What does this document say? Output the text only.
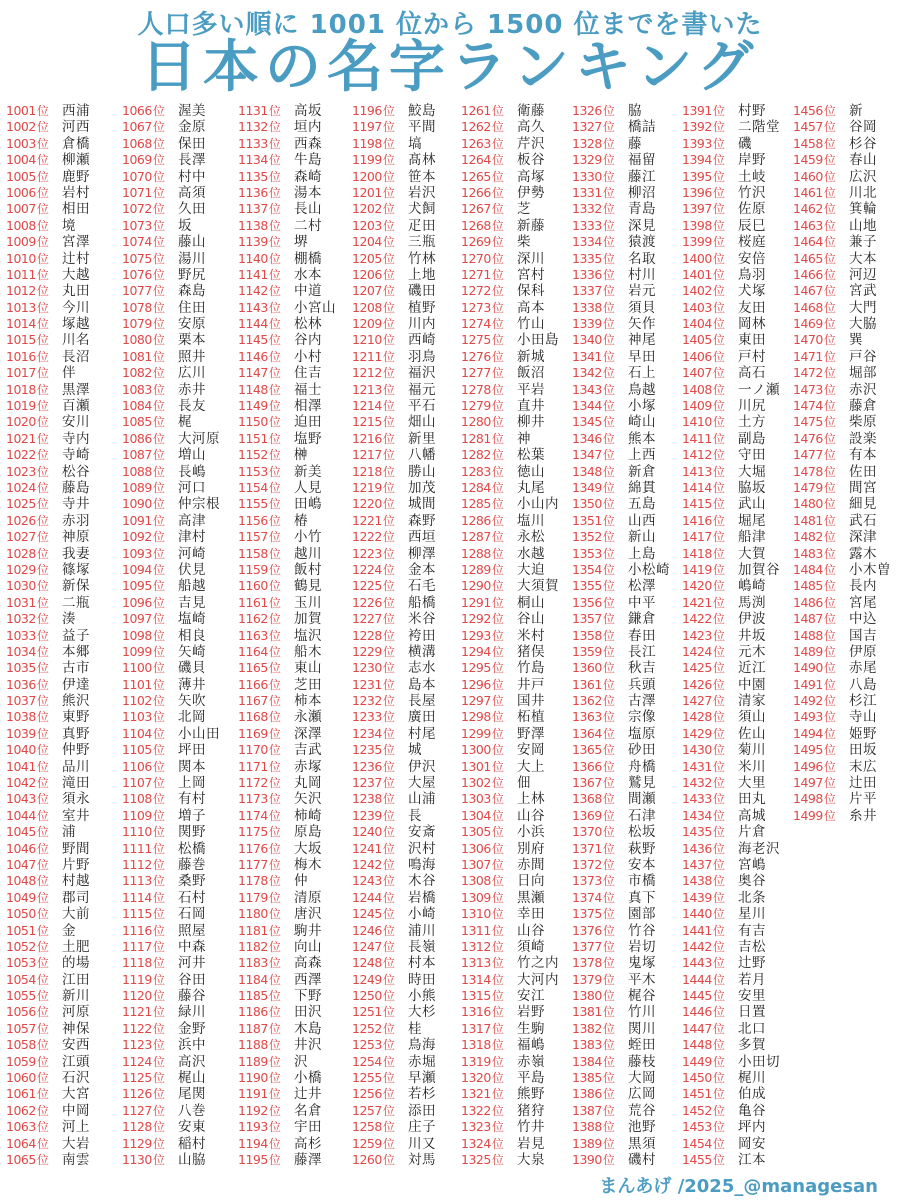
人口多い順に 1001 位から 1500 位までを書いた
日本の名字ランキング
1001位 西浦
1002位 河西
1003位 倉橋
1004位 柳瀬
1005位 鹿野
1006位 岩村
1007位 相田
1008位 境
1009位 宮澤
1010位 辻村
1011位 大越
1012位 丸田
1013位 今川
1014位 塚越
1015位 川名
1016位 長沼
1017位 伴
1018位 黒澤
1019位 百瀬
1020位 安川
1021位 寺内
1022位 寺崎
1023位 松谷
1024位 藤島
1025位 寺井
1026位 赤羽
1027位 神原
1028位 我妻
1029位 篠塚
1030位 新保
1031位 二瓶
1032位 湊
1033位 益子
1034位 本郷
1035位 古市
1036位 伊達
1037位 熊沢
1038位 東野
1039位 真野
1040位 仲野
1041位 品川
1042位 滝田
1043位 須永
1044位 室井
1045位 浦
1046位 野間
1047位 片野
1048位 村越
1049位 郡司
1050位 大前
1051位 金
1052位 土肥
1053位 的場
1054位 江田
1055位 新川
1056位 河原
1057位 神保
1058位 安西
1059位 江頭
1060位 石沢
1061位 大宮
1062位 中岡
1063位 河上
1064位 大岩
1065位 南雲
1066位 渥美
1067位 金原
1068位 保田
1069位 長澤
1070位 村中
1071位 高須
1072位 久田
1073位 坂
1074位 藤山
1075位 湯川
1076位 野尻
1077位 森島
1078位 住田
1079位 安原
1080位 栗本
1081位 照井
1082位 広川
1083位 赤井
1084位 長友
1085位 梶
1086位 大河原
1087位 増山
1088位 長嶋
1089位 河口
1090位 仲宗根
1091位 高津
1092位 津村
1093位 河崎
1094位 伏見
1095位 船越
1096位 吉見
1097位 塩崎
1098位 相良
1099位 矢崎
1100位 磯貝
1101位 薄井
1102位 矢吹
1103位 北岡
1104位 小山田
1105位 坪田
1106位 関本
1107位 上岡
1108位 有村
1109位 増子
1110位 関野
1111位 松橋
1112位 藤巻
1113位 桑野
1114位 石村
1115位 石岡
1116位 照屋
1117位 中森
1118位 河井
1119位 谷田
1120位 藤谷
1121位 緑川
1122位 金野
1123位 浜中
1124位 高沢
1125位 梶山
1126位 尾関
1127位 八巻
1128位 安東
1129位 稲村
1130位 山脇
1131位 高坂
1132位 垣内
1133位 西森
1134位 牛島
1135位 森崎
1136位 湯本
1137位 長山
1138位 二村
1139位 堺
1140位 棚橋
1141位 水本
1142位 中道
1143位 小宮山
1144位 松林
1145位 谷内
1146位 小村
1147位 住吉
1148位 福士
1149位 相澤
1150位 迫田
1151位 塩野
1152位 榊
1153位 新美
1154位 人見
1155位 田嶋
1156位 椿
1157位 小竹
1158位 越川
1159位 飯村
1160位 鶴見
1161位 玉川
1162位 加賀
1163位 塩沢
1164位 船木
1165位 東山
1166位 芝田
1167位 柿本
1168位 永瀬
1169位 深澤
1170位 吉武
1171位 赤塚
1172位 丸岡
1173位 矢沢
1174位 柿崎
1175位 原島
1176位 大坂
1177位 梅木
1178位 仲
1179位 清原
1180位 唐沢
1181位 駒井
1182位 向山
1183位 高森
1184位 西澤
1185位 下野
1186位 田沢
1187位 木島
1188位 井沢
1189位 沢
1190位 小橋
1191位 辻井
1192位 名倉
1193位 宇田
1194位 高杉
1195位 藤澤
1196位 鮫島
1197位 平間
1198位 塙
1199位 髙林
1200位 笹本
1201位 岩沢
1202位 犬飼
1203位 疋田
1204位 三瓶
1205位 竹林
1206位 上地
1207位 磯田
1208位 植野
1209位 川内
1210位 西崎
1211位 羽鳥
1212位 福沢
1213位 福元
1214位 平石
1215位 畑山
1216位 新里
1217位 八幡
1218位 勝山
1219位 加茂
1220位 城間
1221位 森野
1222位 西垣
1223位 柳澤
1224位 金本
1225位 石毛
1226位 船橋
1227位 米谷
1228位 袴田
1229位 横溝
1230位 志水
1231位 島本
1232位 長屋
1233位 廣田
1234位 村尾
1235位 城
1236位 伊沢
1237位 大屋
1238位 山浦
1239位 長
1240位 安斎
1241位 沢村
1242位 鳴海
1243位 木谷
1244位 岩橋
1245位 小崎
1246位 浦川
1247位 長嶺
1248位 村本
1249位 時田
1250位 小熊
1251位 大杉
1252位 桂
1253位 鳥海
1254位 赤堀
1255位 早瀬
1256位 若杉
1257位 添田
1258位 庄子
1259位 川又
1260位 対馬
1261位 衛藤
1262位 高久
1263位 芹沢
1264位 板谷
1265位 高塚
1266位 伊勢
1267位 芝
1268位 新藤
1269位 柴
1270位 深川
1271位 宮村
1272位 保科
1273位 高本
1274位 竹山
1275位 小田島
1276位 新城
1277位 飯沼
1278位 平岩
1279位 直井
1280位 柳井
1281位 神
1282位 松葉
1283位 徳山
1284位 丸尾
1285位 小山内
1286位 塩川
1287位 永松
1288位 水越
1289位 大迫
1290位 大須賀
1291位 桐山
1292位 谷山
1293位 米村
1294位 猪俣
1295位 竹島
1296位 井戸
1297位 国井
1298位 柘植
1299位 野澤
1300位 安岡
1301位 大上
1302位 佃
1303位 上林
1304位 山谷
1305位 小浜
1306位 別府
1307位 赤間
1308位 日向
1309位 黒瀬
1310位 幸田
1311位 山谷
1312位 須崎
1313位 竹之内
1314位 大河内
1315位 安江
1316位 岩野
1317位 生駒
1318位 福嶋
1319位 赤嶺
1320位 平島
1321位 熊野
1322位 猪狩
1323位 竹井
1324位 岩見
1325位 大泉
1326位 脇
1327位 橋詰
1328位 藤
1329位 福留
1330位 藤江
1331位 柳沼
1332位 青島
1333位 深見
1334位 猿渡
1335位 名取
1336位 村川
1337位 岩元
1338位 須貝
1339位 矢作
1340位 神尾
1341位 早田
1342位 石上
1343位 鳥越
1344位 小塚
1345位 崎山
1346位 熊本
1347位 上西
1348位 新倉
1349位 綿貫
1350位 五島
1351位 山西
1352位 新山
1353位 上島
1354位 小松崎
1355位 松澤
1356位 中平
1357位 鎌倉
1358位 春田
1359位 長江
1360位 秋吉
1361位 兵頭
1362位 古澤
1363位 宗像
1364位 塩原
1365位 砂田
1366位 舟橋
1367位 鷲見
1368位 間瀬
1369位 石津
1370位 松坂
1371位 萩野
1372位 安本
1373位 市橋
1374位 真下
1375位 園部
1376位 竹谷
1377位 岩切
1378位 鬼塚
1379位 平木
1380位 梶谷
1381位 竹川
1382位 関川
1383位 蛭田
1384位 藤枝
1385位 大岡
1386位 広岡
1387位 荒谷
1388位 池野
1389位 黒須
1390位 磯村
1391位 村野
1392位 二階堂
1393位 磯
1394位 岸野
1395位 土岐
1396位 竹沢
1397位 佐原
1398位 辰巳
1399位 桜庭
1400位 安倍
1401位 鳥羽
1402位 犬塚
1403位 友田
1404位 岡林
1405位 東田
1406位 戸村
1407位 高石
1408位 一ノ瀬
1409位 川尻
1410位 土方
1411位 副島
1412位 守田
1413位 大堀
1414位 脇坂
1415位 武山
1416位 堀尾
1417位 船津
1418位 大賀
1419位 加賀谷
1420位 嶋崎
1421位 馬渕
1422位 伊波
1423位 井坂
1424位 元木
1425位 近江
1426位 中園
1427位 清家
1428位 須山
1429位 佐山
1430位 菊川
1431位 米川
1432位 大里
1433位 田丸
1434位 高城
1435位 片倉
1436位 海老沢
1437位 宮嶋
1438位 奥谷
1439位 北条
1440位 星川
1441位 有吉
1442位 吉松
1443位 辻野
1444位 若月
1445位 安里
1446位 日置
1447位 北口
1448位 多賀
1449位 小田切
1450位 梶川
1451位 伯成
1452位 亀谷
1453位 坪内
1454位 岡安
1455位 江本
1456位 新
1457位 谷岡
1458位 杉谷
1459位 春山
1460位 広沢
1461位 川北
1462位 箕輪
1463位 山地
1464位 兼子
1465位 大本
1466位 河辺
1467位 宮武
1468位 大門
1469位 大脇
1470位 巽
1471位 戸谷
1472位 堀部
1473位 赤沢
1474位 藤倉
1475位 柴原
1476位 設楽
1477位 有本
1478位 佐田
1479位 間宮
1480位 細見
1481位 武石
1482位 深津
1483位 露木
1484位 小木曽
1485位 長内
1486位 宮尾
1487位 中込
1488位 国吉
1489位 伊原
1490位 赤尾
1491位 八島
1492位 杉江
1493位 寺山
1494位 姫野
1495位 田坂
1496位 末広
1497位 辻田
1498位 片平
1499位 糸井
まんあげ /2025_@managesan
